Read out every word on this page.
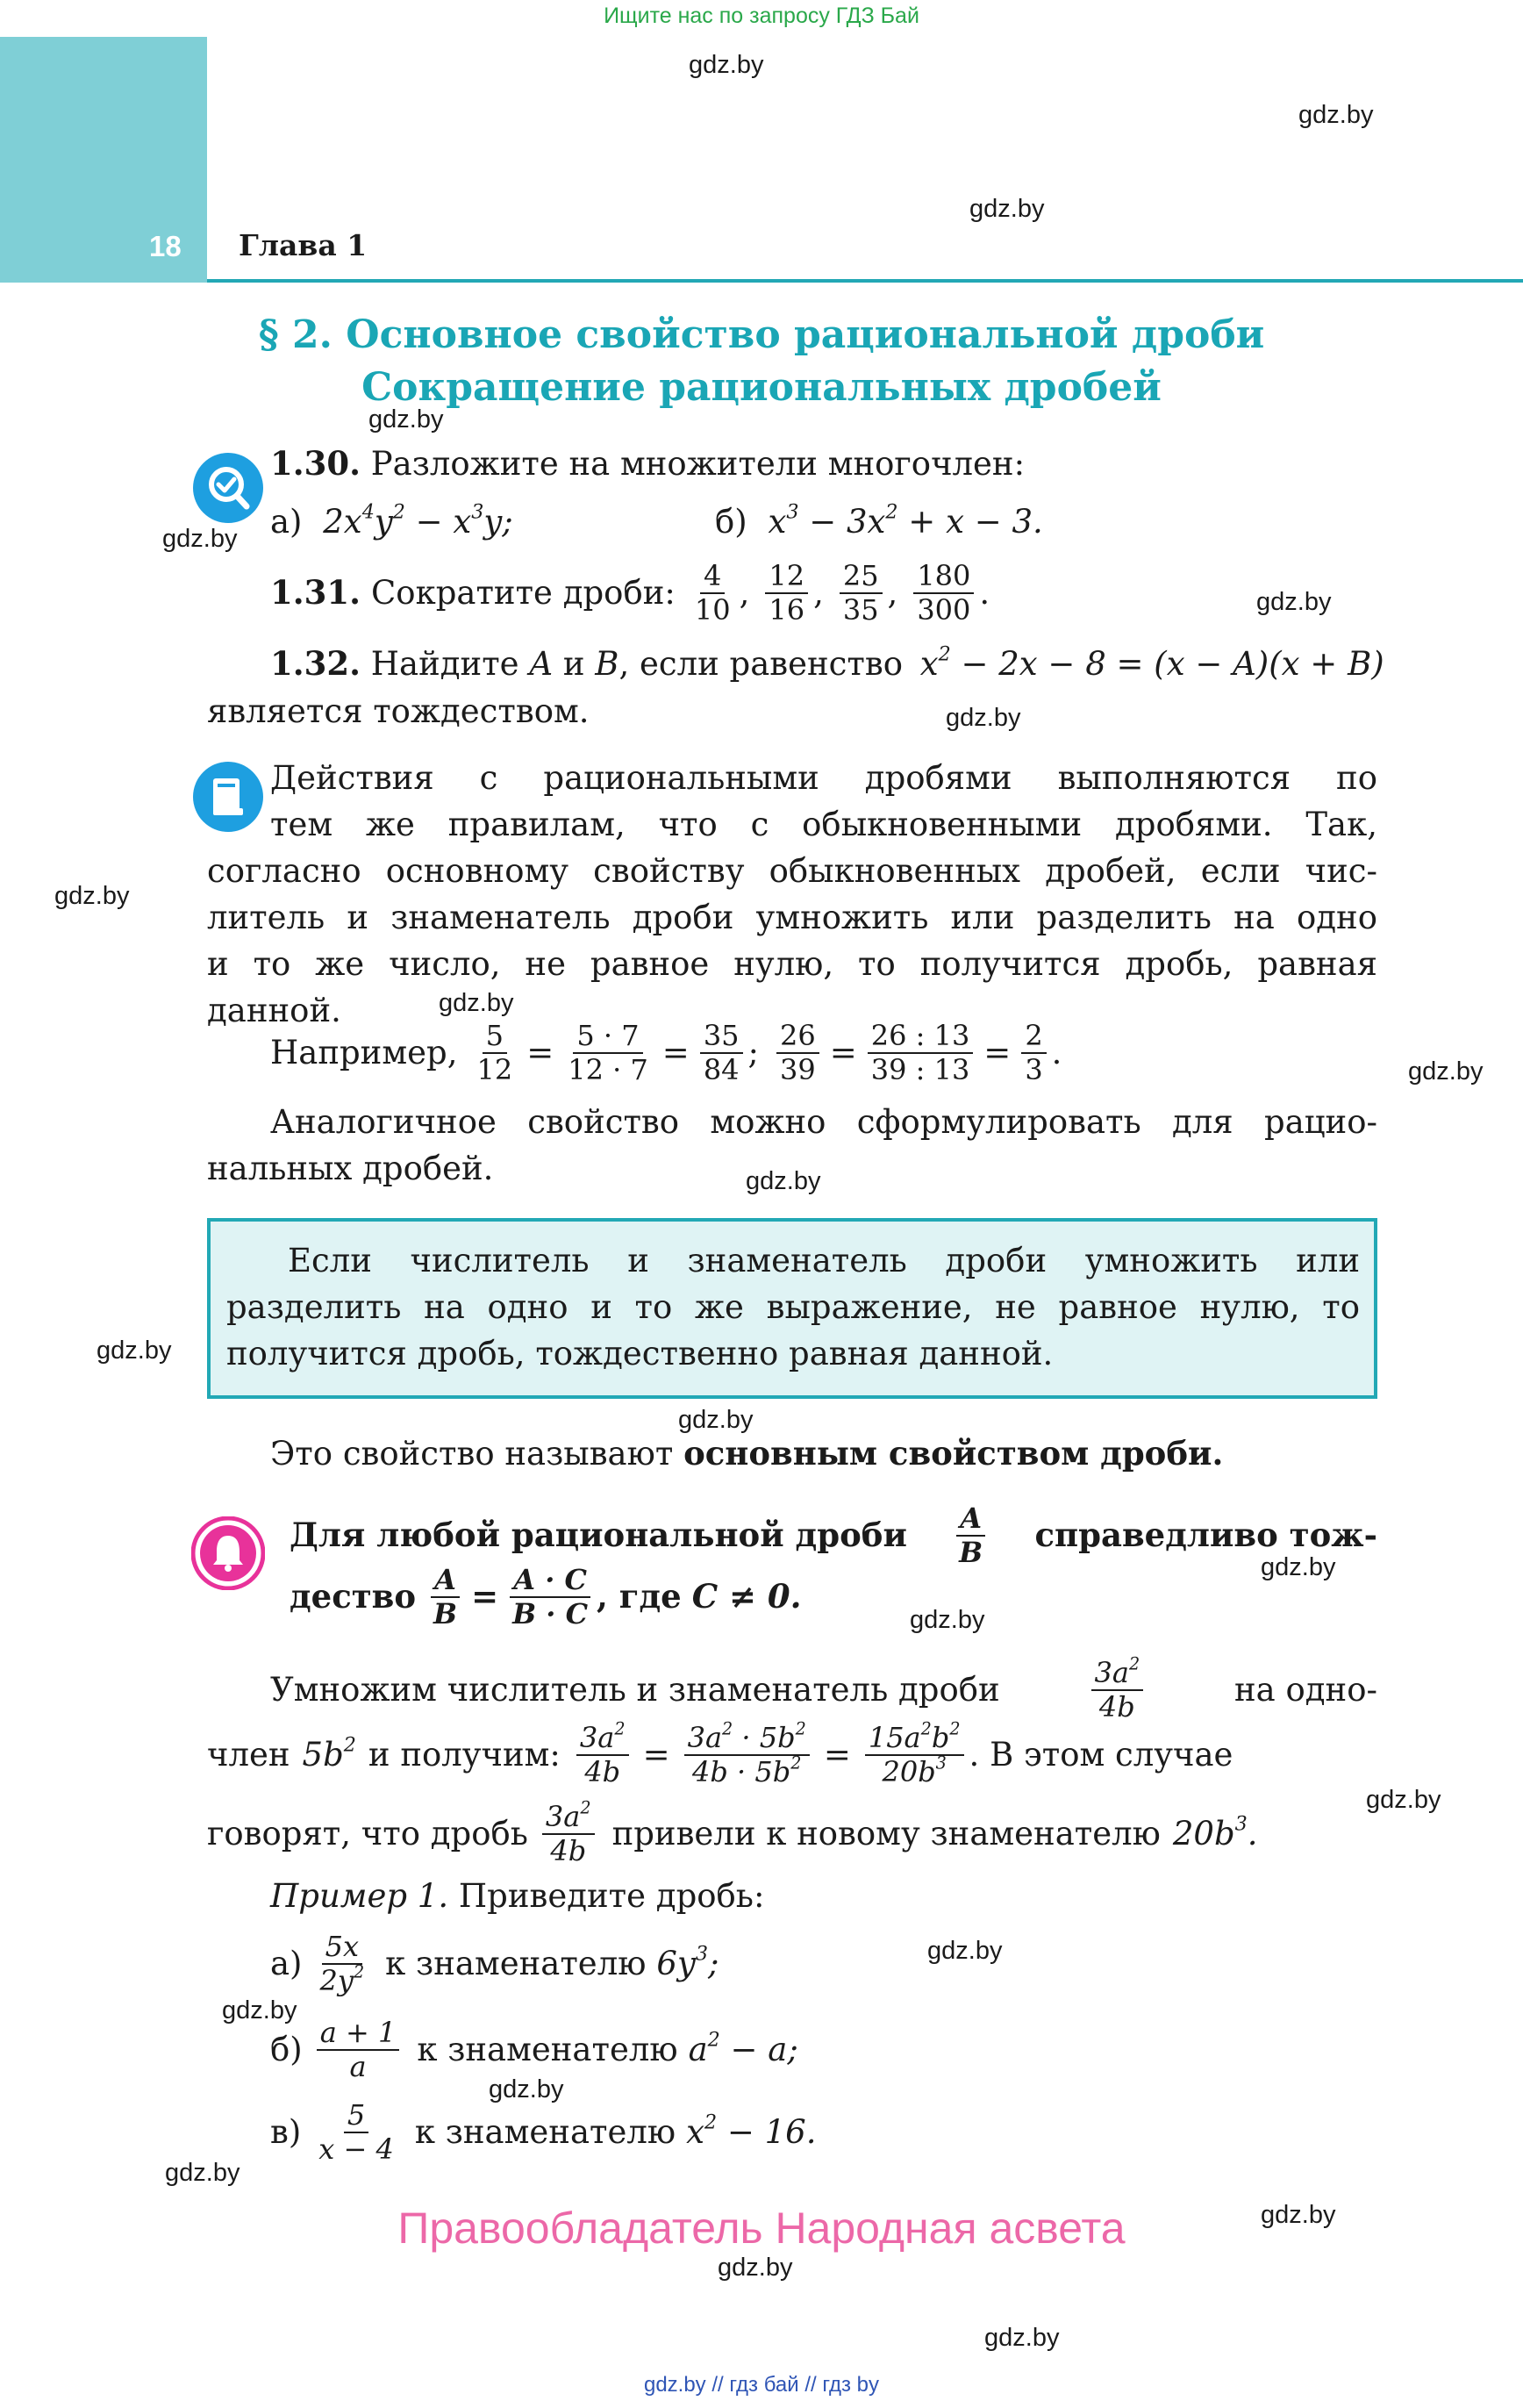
Ищите нас по запросу ГДЗ Бай
gdz.by // гдз бай // гдз by
gdz.by
gdz.by
gdz.by
gdz.by
gdz.by
gdz.by
gdz.by
gdz.by
gdz.by
gdz.by
gdz.by
gdz.by
gdz.by
gdz.by
gdz.by
gdz.by
gdz.by
gdz.by
gdz.by
gdz.by
gdz.by
gdz.by
gdz.by
18 Глава 1
§ 2. Основное свойство рациональной дроби
Сокращение рациональных дробей
1.30. Разложите на множители многочлен:
а) $2x^4y^2 - x^3y$;	б) $x^3 - 3x^2 + x - 3$.
1.31. Сократите дроби: $\frac{4}{10}$ , $\frac{12}{16}$ , $\frac{25}{35}$ , $\frac{180}{300}$ .
1.32. Найдите A и B, если равенство $x^2 - 2x - 8 = (x - A)(x + B)$
является тождеством.
Действия с рациональными дробями выполняются по
тем же правилам, что с обыкновенными дробями. Так,
согласно основному свойству обыкновенных дробей, если чис-
литель и знаменатель дроби умножить или разделить на одно
и то же число, не равное нулю, то получится дробь, равная
данной.
Например, $\frac{5}{12} = \frac{5 \cdot 7}{12 \cdot 7} = \frac{35}{84}$ ; $\frac{26}{39} = \frac{26 : 13}{39 : 13} = \frac{2}{3}$ .
Аналогичное свойство можно сформулировать для рацио-
нальных дробей.
Если числитель и знаменатель дроби умножить или
разделить на одно и то же выражение, не равное нулю, то
получится дробь, тождественно равная данной.
Это свойство называют основным свойством дроби.
Для любой рациональной дроби $\frac{A}{B}$ справедливо тож-
дество $\frac{A}{B} = \frac{A \cdot C}{B \cdot C}$ , где C ≠ 0.
Умножим числитель и знаменатель дроби	$\frac{3a^2}{4b}$	на одно-
член $5b^2$ и получим: $\frac{3a^2}{4b} = \frac{3a^2 \cdot 5b^2}{4b \cdot 5b^2} = \frac{15a^2b^2}{20b^3}$ . В этом случае
говорят, что дробь $\frac{3a^2}{4b}$ привели к новому знаменателю $20b^3$.
Пример 1. Приведите дробь:
$а) \frac{5x}{2y^2}$ к знаменателю $6y^3$;
$б) \frac{a + 1}{a}$ к знаменателю $a^2 - a$;
$в) \frac{5}{x - 4}$ к знаменателю $x^2 - 16$.
Правообладатель Народная асвета
